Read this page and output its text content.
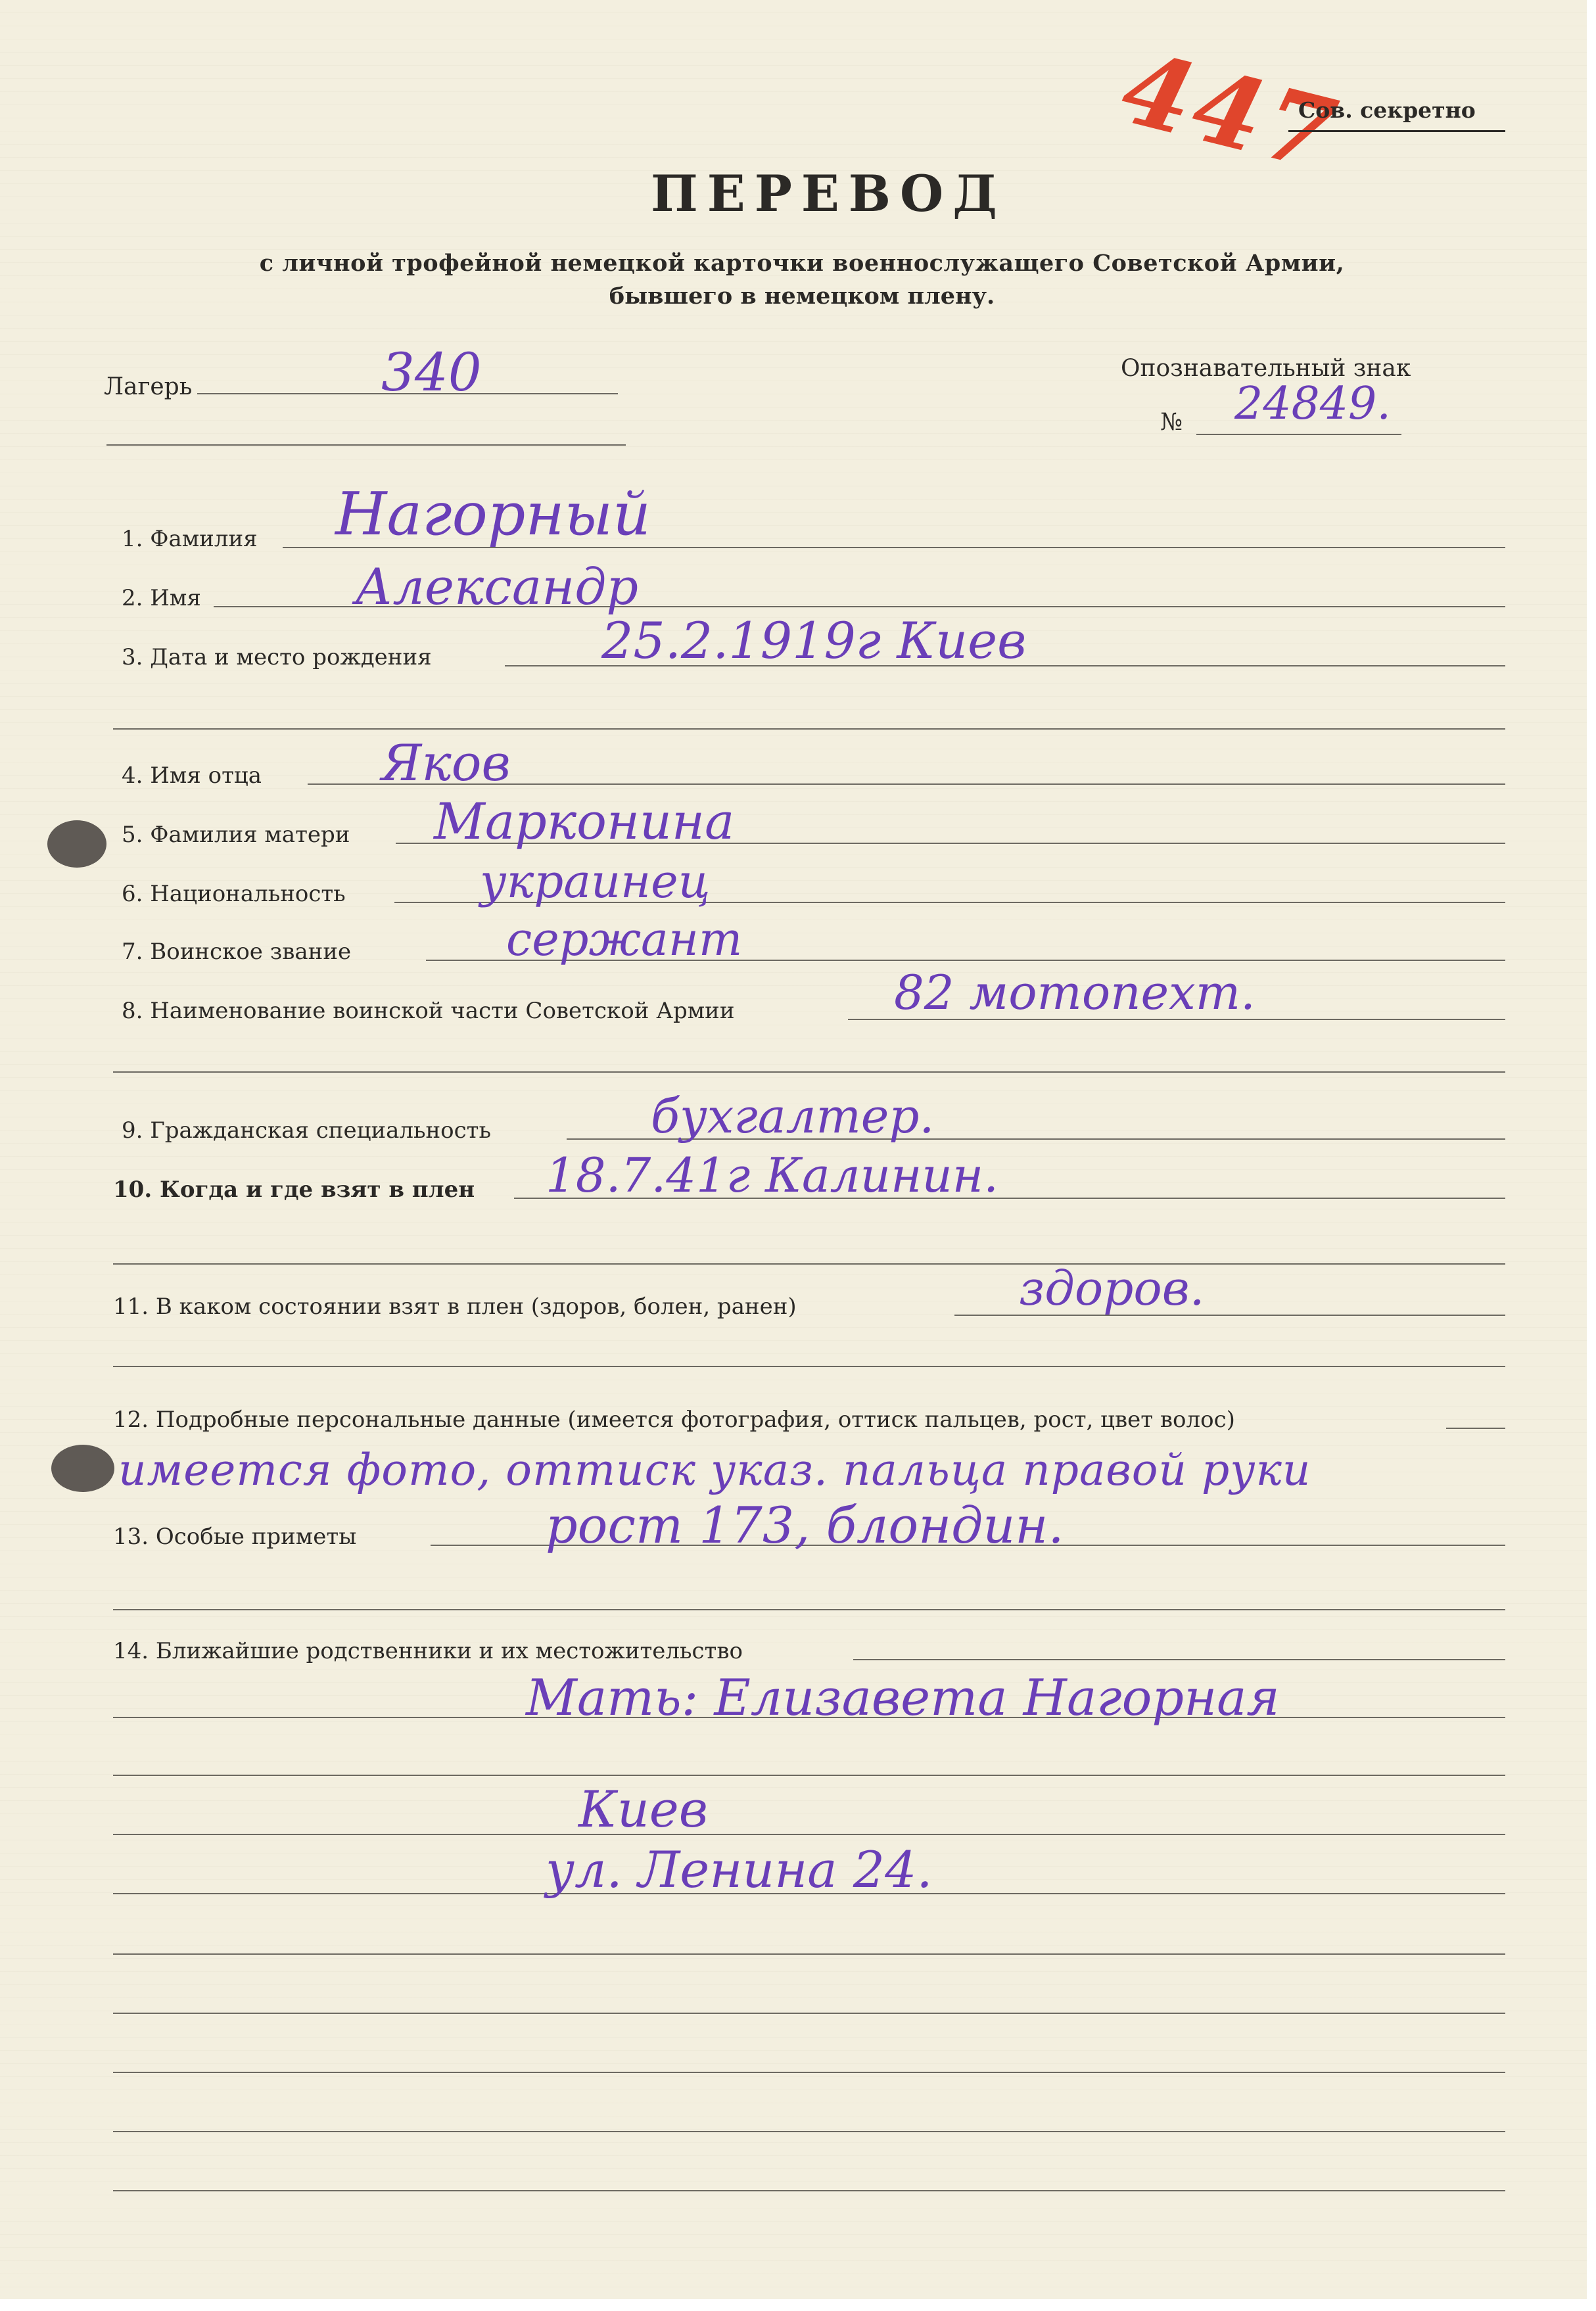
447
Сов. секретно
ПЕРЕВОД
с личной трофейной немецкой карточки военнослужащего Советской Армии,
бывшего в немецком плену.
Лагерь	340	Опознавательный знак
№ 24849.
1. Фамилия Нагорный
2. Имя	Александр
3. Дата и место рождения	25.2.1919г Киев
4. Имя отца Яков
5. Фамилия матери Марконина
6. Национальность	украинец
7. Воинское звание	сержант
8. Наименование воинской части Советской Армии	82 мотопехт.
9. Гражданская специальность	бухгалтер.
10. Когда и где взят в плен 18.7.41г Калинин.
11. В каком состоянии взят в плен (здоров, болен, ранен)	здоров.
12. Подробные персональные данные (имеется фотография, оттиск пальцев, рост, цвет волос)
имеется фото, оттиск указ. пальца правой руки
13. Особые приметы	рост 173, блондин.
14. Ближайшие родственники и их местожительство
Мать: Елизавета Нагорная
Киев
ул. Ленина 24.
